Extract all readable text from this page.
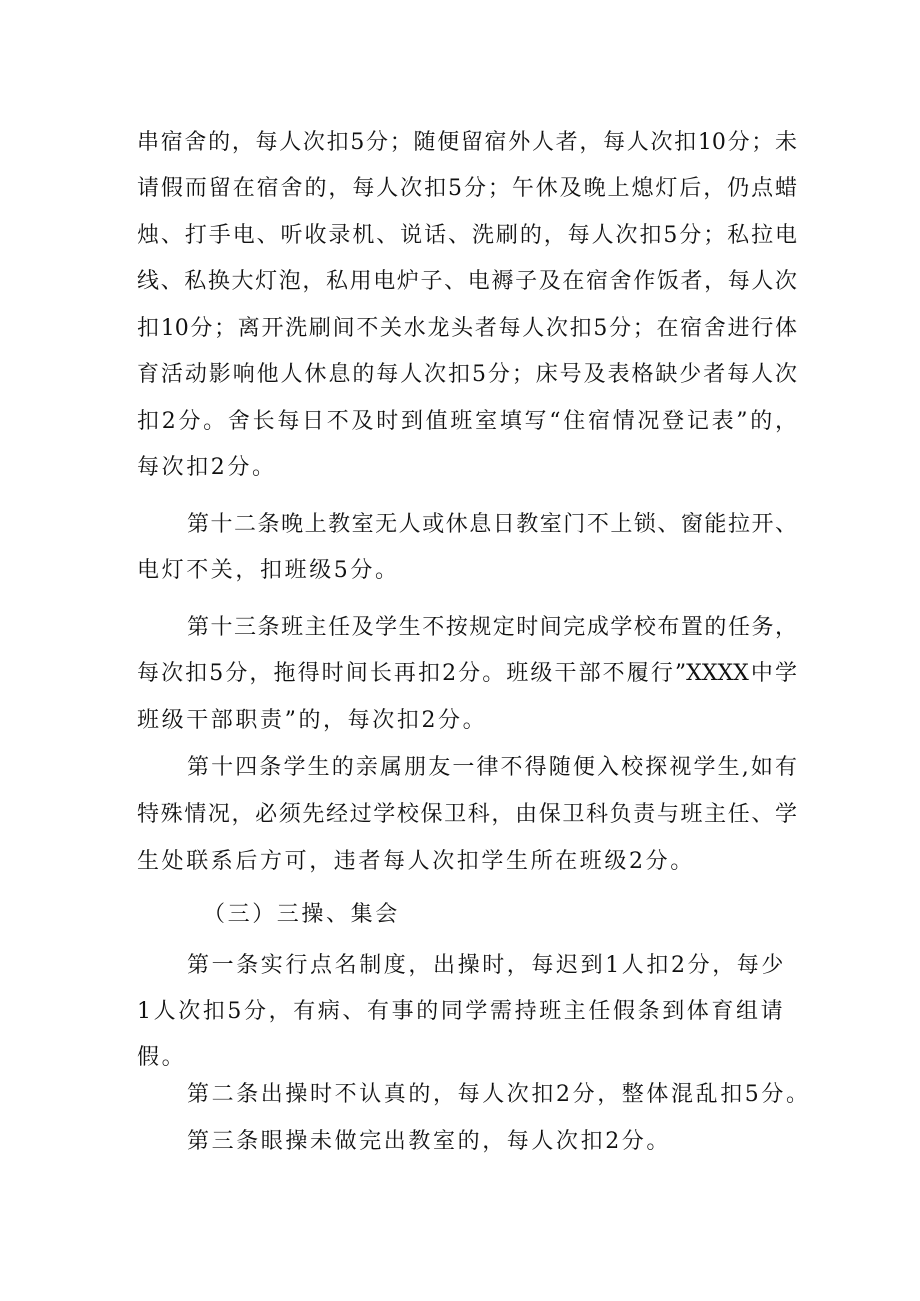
串宿舍的，每人次扣5分；随便留宿外人者，每人次扣10分；未
请假而留在宿舍的，每人次扣5分；午休及晚上熄灯后，仍点蜡
烛、打手电、听收录机、说话、洗刷的，每人次扣5分；私拉电
线、私换大灯泡，私用电炉子、电褥子及在宿舍作饭者，每人次
扣10分；离开洗刷间不关水龙头者每人次扣5分；在宿舍进行体
育活动影响他人休息的每人次扣5分；床号及表格缺少者每人次
扣2分。舍长每日不及时到值班室填写“住宿情况登记表”的，
每次扣2分。
第十二条晚上教室无人或休息日教室门不上锁、窗能拉开、
电灯不关，扣班级5分。
第十三条班主任及学生不按规定时间完成学校布置的任务，
每次扣5分，拖得时间长再扣2分。班级干部不履行”XXXX中学
班级干部职责”的，每次扣2分。
第十四条学生的亲属朋友一律不得随便入校探视学生,如有
特殊情况，必须先经过学校保卫科，由保卫科负责与班主任、学
生处联系后方可，违者每人次扣学生所在班级2分。
（三）三操、集会
第一条实行点名制度，出操时，每迟到1人扣2分，每少
1人次扣5分，有病、有事的同学需持班主任假条到体育组请
假。
第二条出操时不认真的，每人次扣2分，整体混乱扣5分。
第三条眼操未做完出教室的，每人次扣2分。
